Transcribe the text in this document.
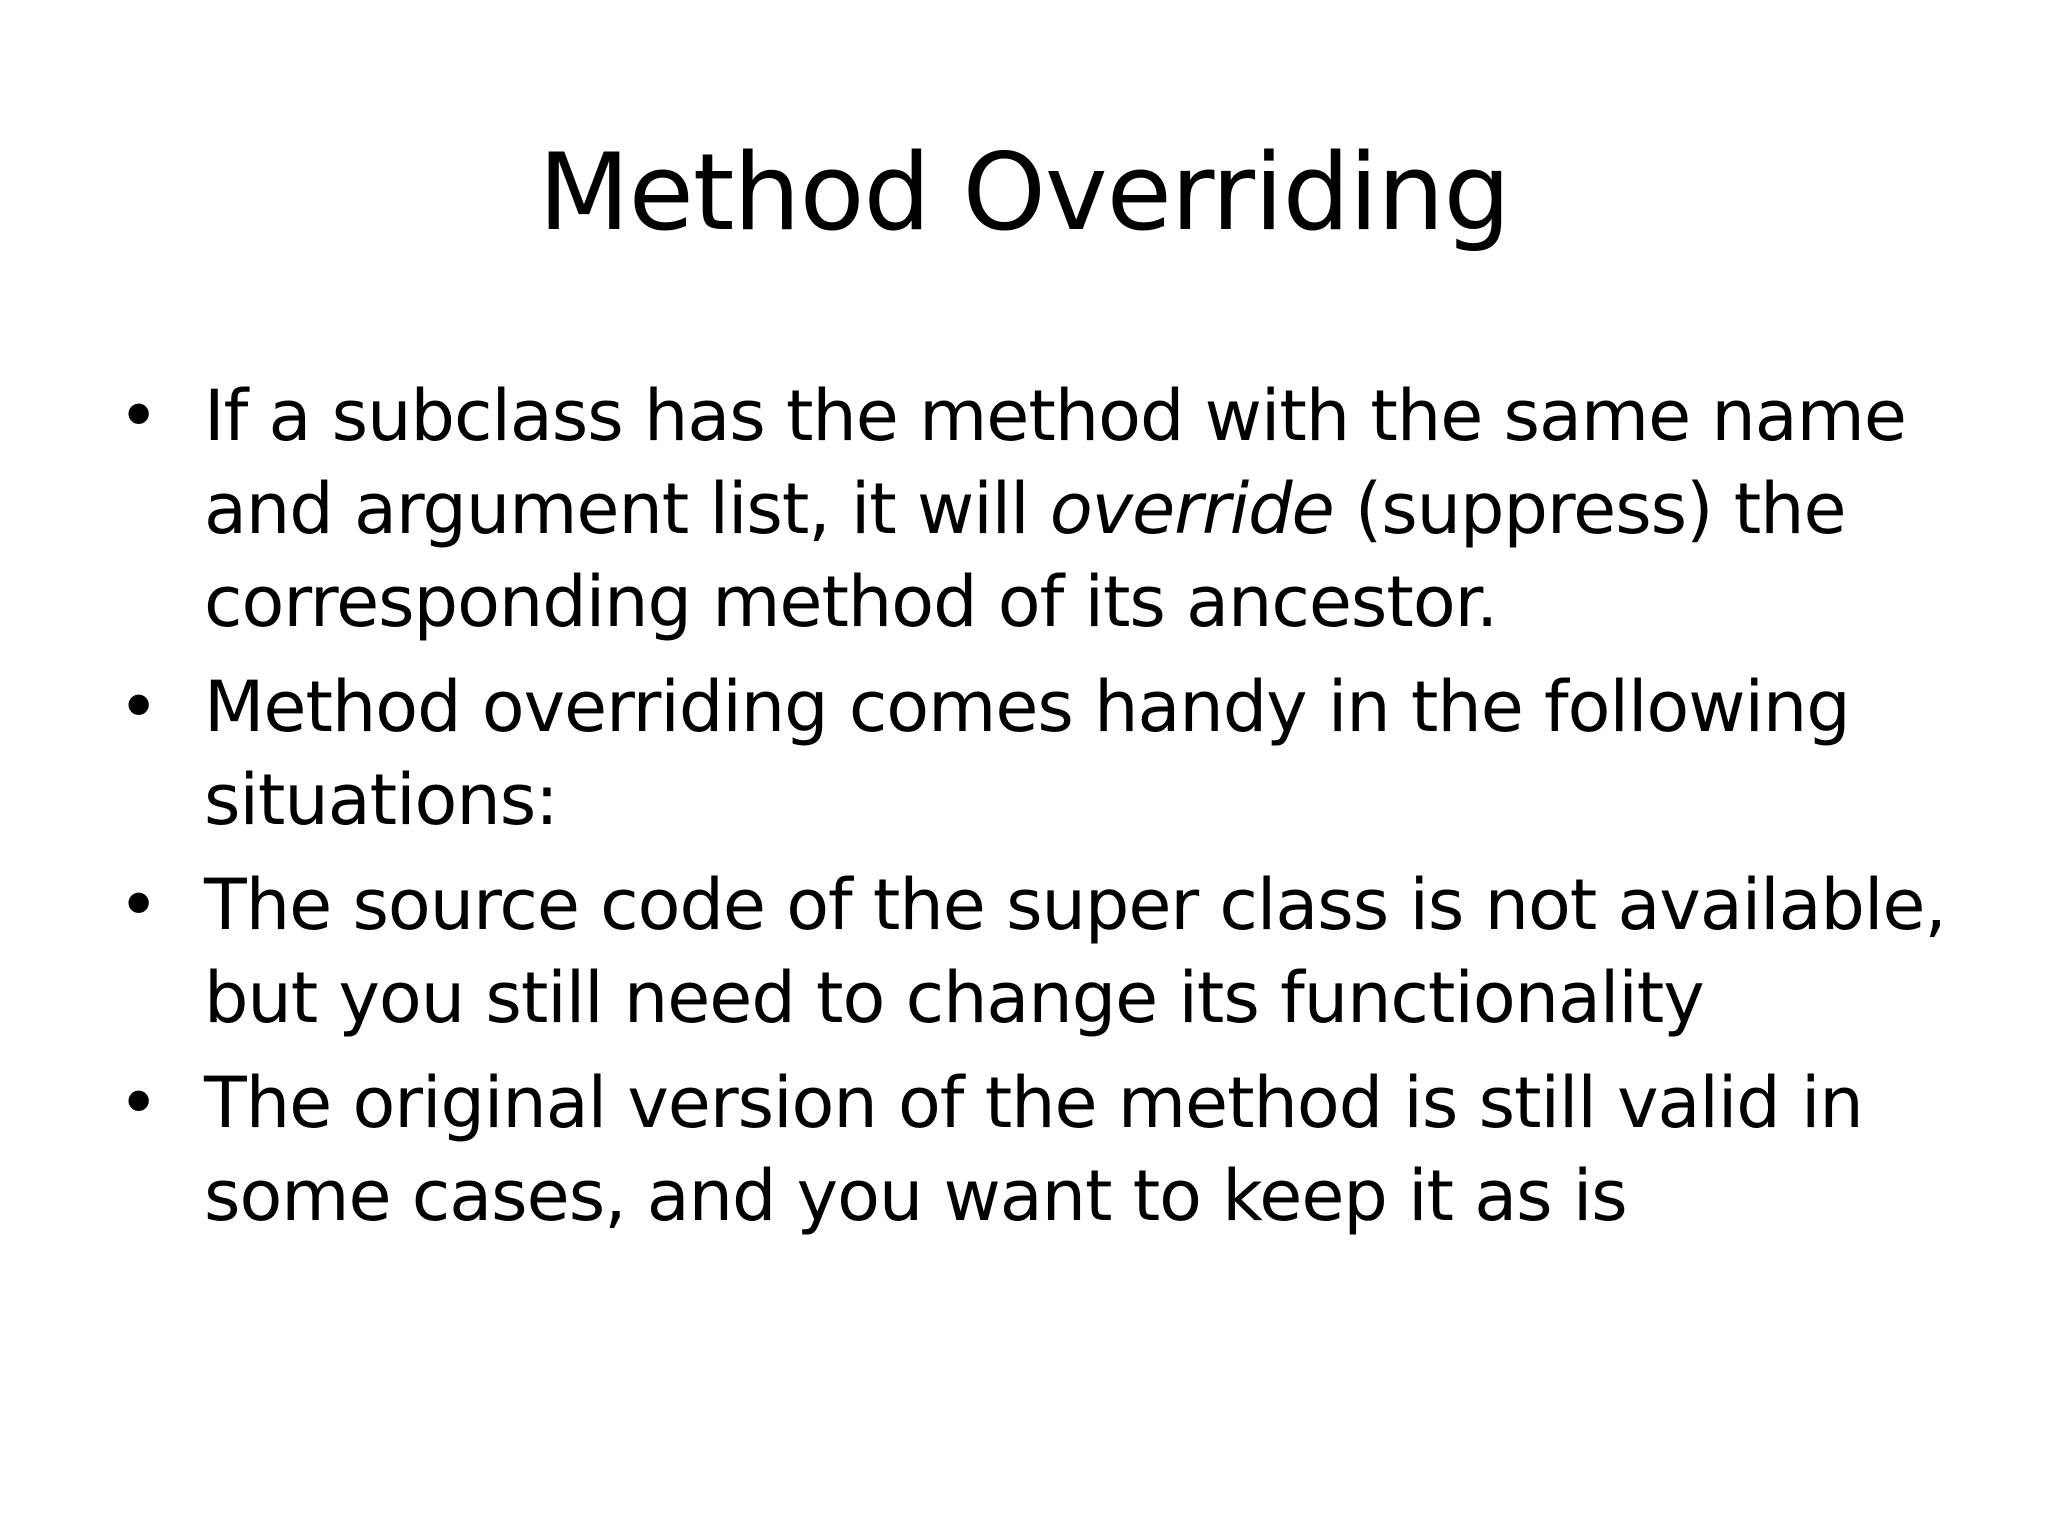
Method Overriding
• If a subclass has the method with the same name and argument list, it will override (suppress) the corresponding method of its ancestor.
• Method overriding comes handy in the following situations:
• The source code of the super class is not available, but you still need to change its functionality
• The original version of the method is still valid in some cases, and you want to keep it as is
